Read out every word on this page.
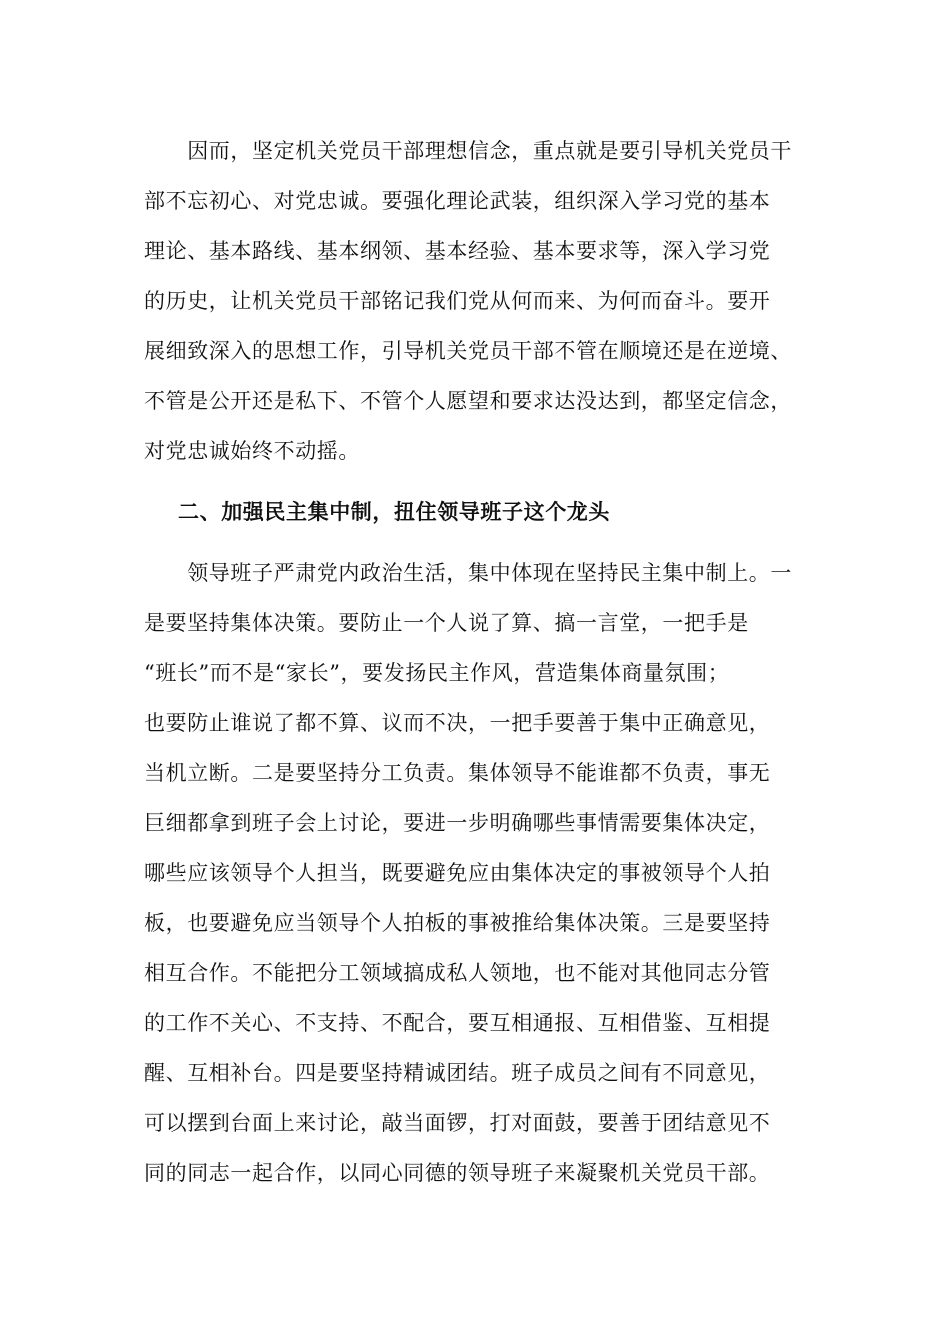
　　因而，坚定机关党员干部理想信念，重点就是要引导机关党员干
部不忘初心、对党忠诚。要强化理论武装，组织深入学习党的基本
理论、基本路线、基本纲领、基本经验、基本要求等，深入学习党
的历史，让机关党员干部铭记我们党从何而来、为何而奋斗。要开
展细致深入的思想工作，引导机关党员干部不管在顺境还是在逆境、
不管是公开还是私下、不管个人愿望和要求达没达到，都坚定信念，
对党忠诚始终不动摇。
二、加强民主集中制，扭住领导班子这个龙头
　　领导班子严肃党内政治生活，集中体现在坚持民主集中制上。一
是要坚持集体决策。要防止一个人说了算、搞一言堂，一把手是
“班长”而不是“家长”，要发扬民主作风，营造集体商量氛围；
也要防止谁说了都不算、议而不决，一把手要善于集中正确意见，
当机立断。二是要坚持分工负责。集体领导不能谁都不负责，事无
巨细都拿到班子会上讨论，要进一步明确哪些事情需要集体决定，
哪些应该领导个人担当，既要避免应由集体决定的事被领导个人拍
板，也要避免应当领导个人拍板的事被推给集体决策。三是要坚持
相互合作。不能把分工领域搞成私人领地，也不能对其他同志分管
的工作不关心、不支持、不配合，要互相通报、互相借鉴、互相提
醒、互相补台。四是要坚持精诚团结。班子成员之间有不同意见，
可以摆到台面上来讨论，敲当面锣，打对面鼓，要善于团结意见不
同的同志一起合作，以同心同德的领导班子来凝聚机关党员干部。
